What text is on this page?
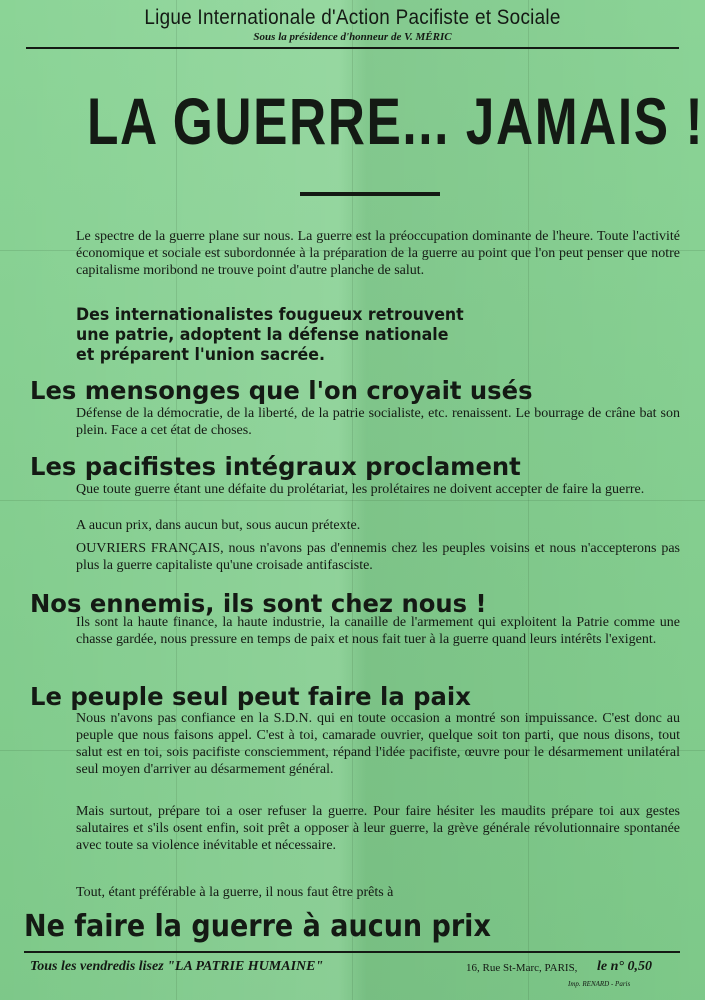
Ligue Internationale d'Action Pacifiste et Sociale
Sous la présidence d'honneur de V. MÉRIC
LA GUERRE... JAMAIS !

Le spectre de la guerre plane sur nous. La guerre est la préoccupation dominante de l'heure. Toute l'activité économique et sociale est subordonnée à la préparation de la guerre au point que l'on peut penser que notre capitalisme moribond ne trouve point d'autre planche de salut.

Des internationalistes fougueux retrouvent
une patrie, adoptent la défense nationale
et préparent l'union sacrée.
Les mensonges que l'on croyait usés

Défense de la démocratie, de la liberté, de la patrie socialiste, etc. renaissent. Le bourrage de crâne bat son plein. Face a cet état de choses.

Les pacifistes intégraux proclament

Que toute guerre étant une défaite du prolétariat, les prolétaires ne doivent accepter de faire la guerre.

A aucun prix, dans aucun but, sous aucun prétexte.

OUVRIERS FRANÇAIS, nous n'avons pas d'ennemis chez les peuples voisins et nous n'accepterons pas plus la guerre capitaliste qu'une croisade antifasciste.

Nos ennemis, ils sont chez nous !

Ils sont la haute finance, la haute industrie, la canaille de l'armement qui exploitent la Patrie comme une chasse gardée, nous pressure en temps de paix et nous fait tuer à la guerre quand leurs intérêts l'exigent.

Le peuple seul peut faire la paix

Nous n'avons pas confiance en la S.D.N. qui en toute occasion a montré son impuissance. C'est donc au peuple que nous faisons appel. C'est à toi, camarade ouvrier, quelque soit ton parti, que nous disons, tout salut est en toi, sois pacifiste consciemment, répand l'idée pacifiste, œuvre pour le désarmement unilatéral seul moyen d'arriver au désarmement général.

Mais surtout, prépare toi a oser refuser la guerre. Pour faire hésiter les maudits prépare toi aux gestes salutaires et s'ils osent enfin, soit prêt a opposer à leur guerre, la grève générale révolutionnaire spontanée avec toute sa violence inévitable et nécessaire.

Tout, étant préférable à la guerre, il nous faut être prêts à

Ne faire la guerre à aucun prix
Tous les vendredis lisez "LA PATRIE HUMAINE"	16, Rue St-Marc, PARIS, le n° 0,50
Imp. RENARD - Paris
